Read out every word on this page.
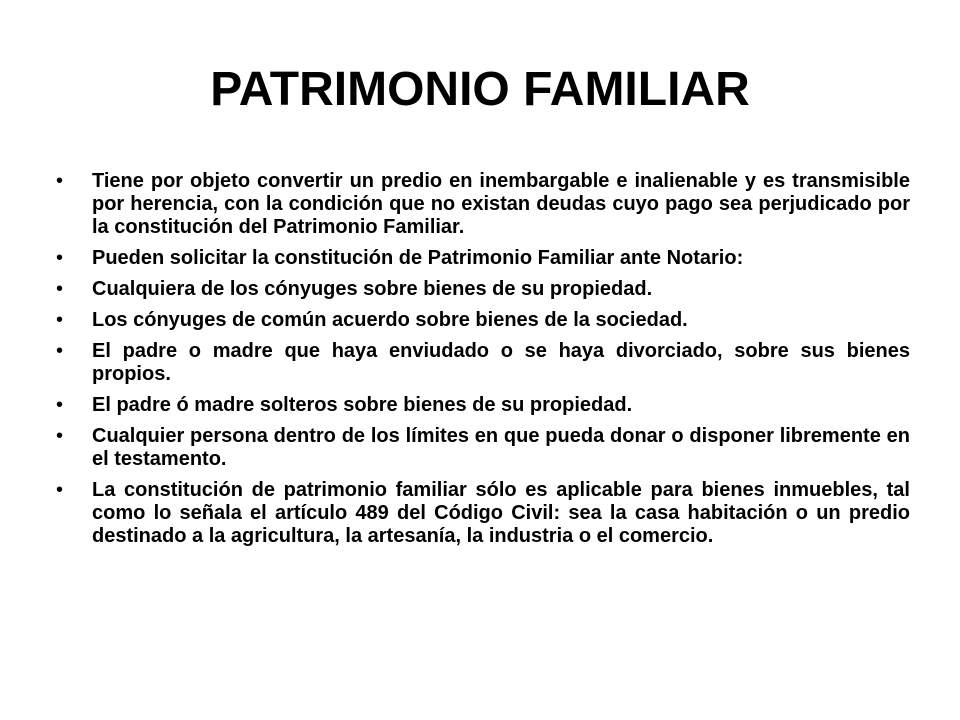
PATRIMONIO FAMILIAR
• Tiene por objeto convertir un predio en inembargable e inalienable y es transmisible por herencia, con la condición que no existan deudas cuyo pago sea perjudicado por la constitución del Patrimonio Familiar.
• Pueden solicitar la constitución de Patrimonio Familiar ante Notario:
• Cualquiera de los cónyuges sobre bienes de su propiedad.
• Los cónyuges de común acuerdo sobre bienes de la sociedad.
• El padre o madre que haya enviudado o se haya divorciado, sobre sus bienes propios.
• El padre ó madre solteros sobre bienes de su propiedad.
• Cualquier persona dentro de los límites en que pueda donar o disponer libremente en el testamento.
• La constitución de patrimonio familiar sólo es aplicable para bienes inmuebles, tal como lo señala el artículo 489 del Código Civil: sea la casa habitación o un predio destinado a la agricultura, la artesanía, la industria o el comercio.
